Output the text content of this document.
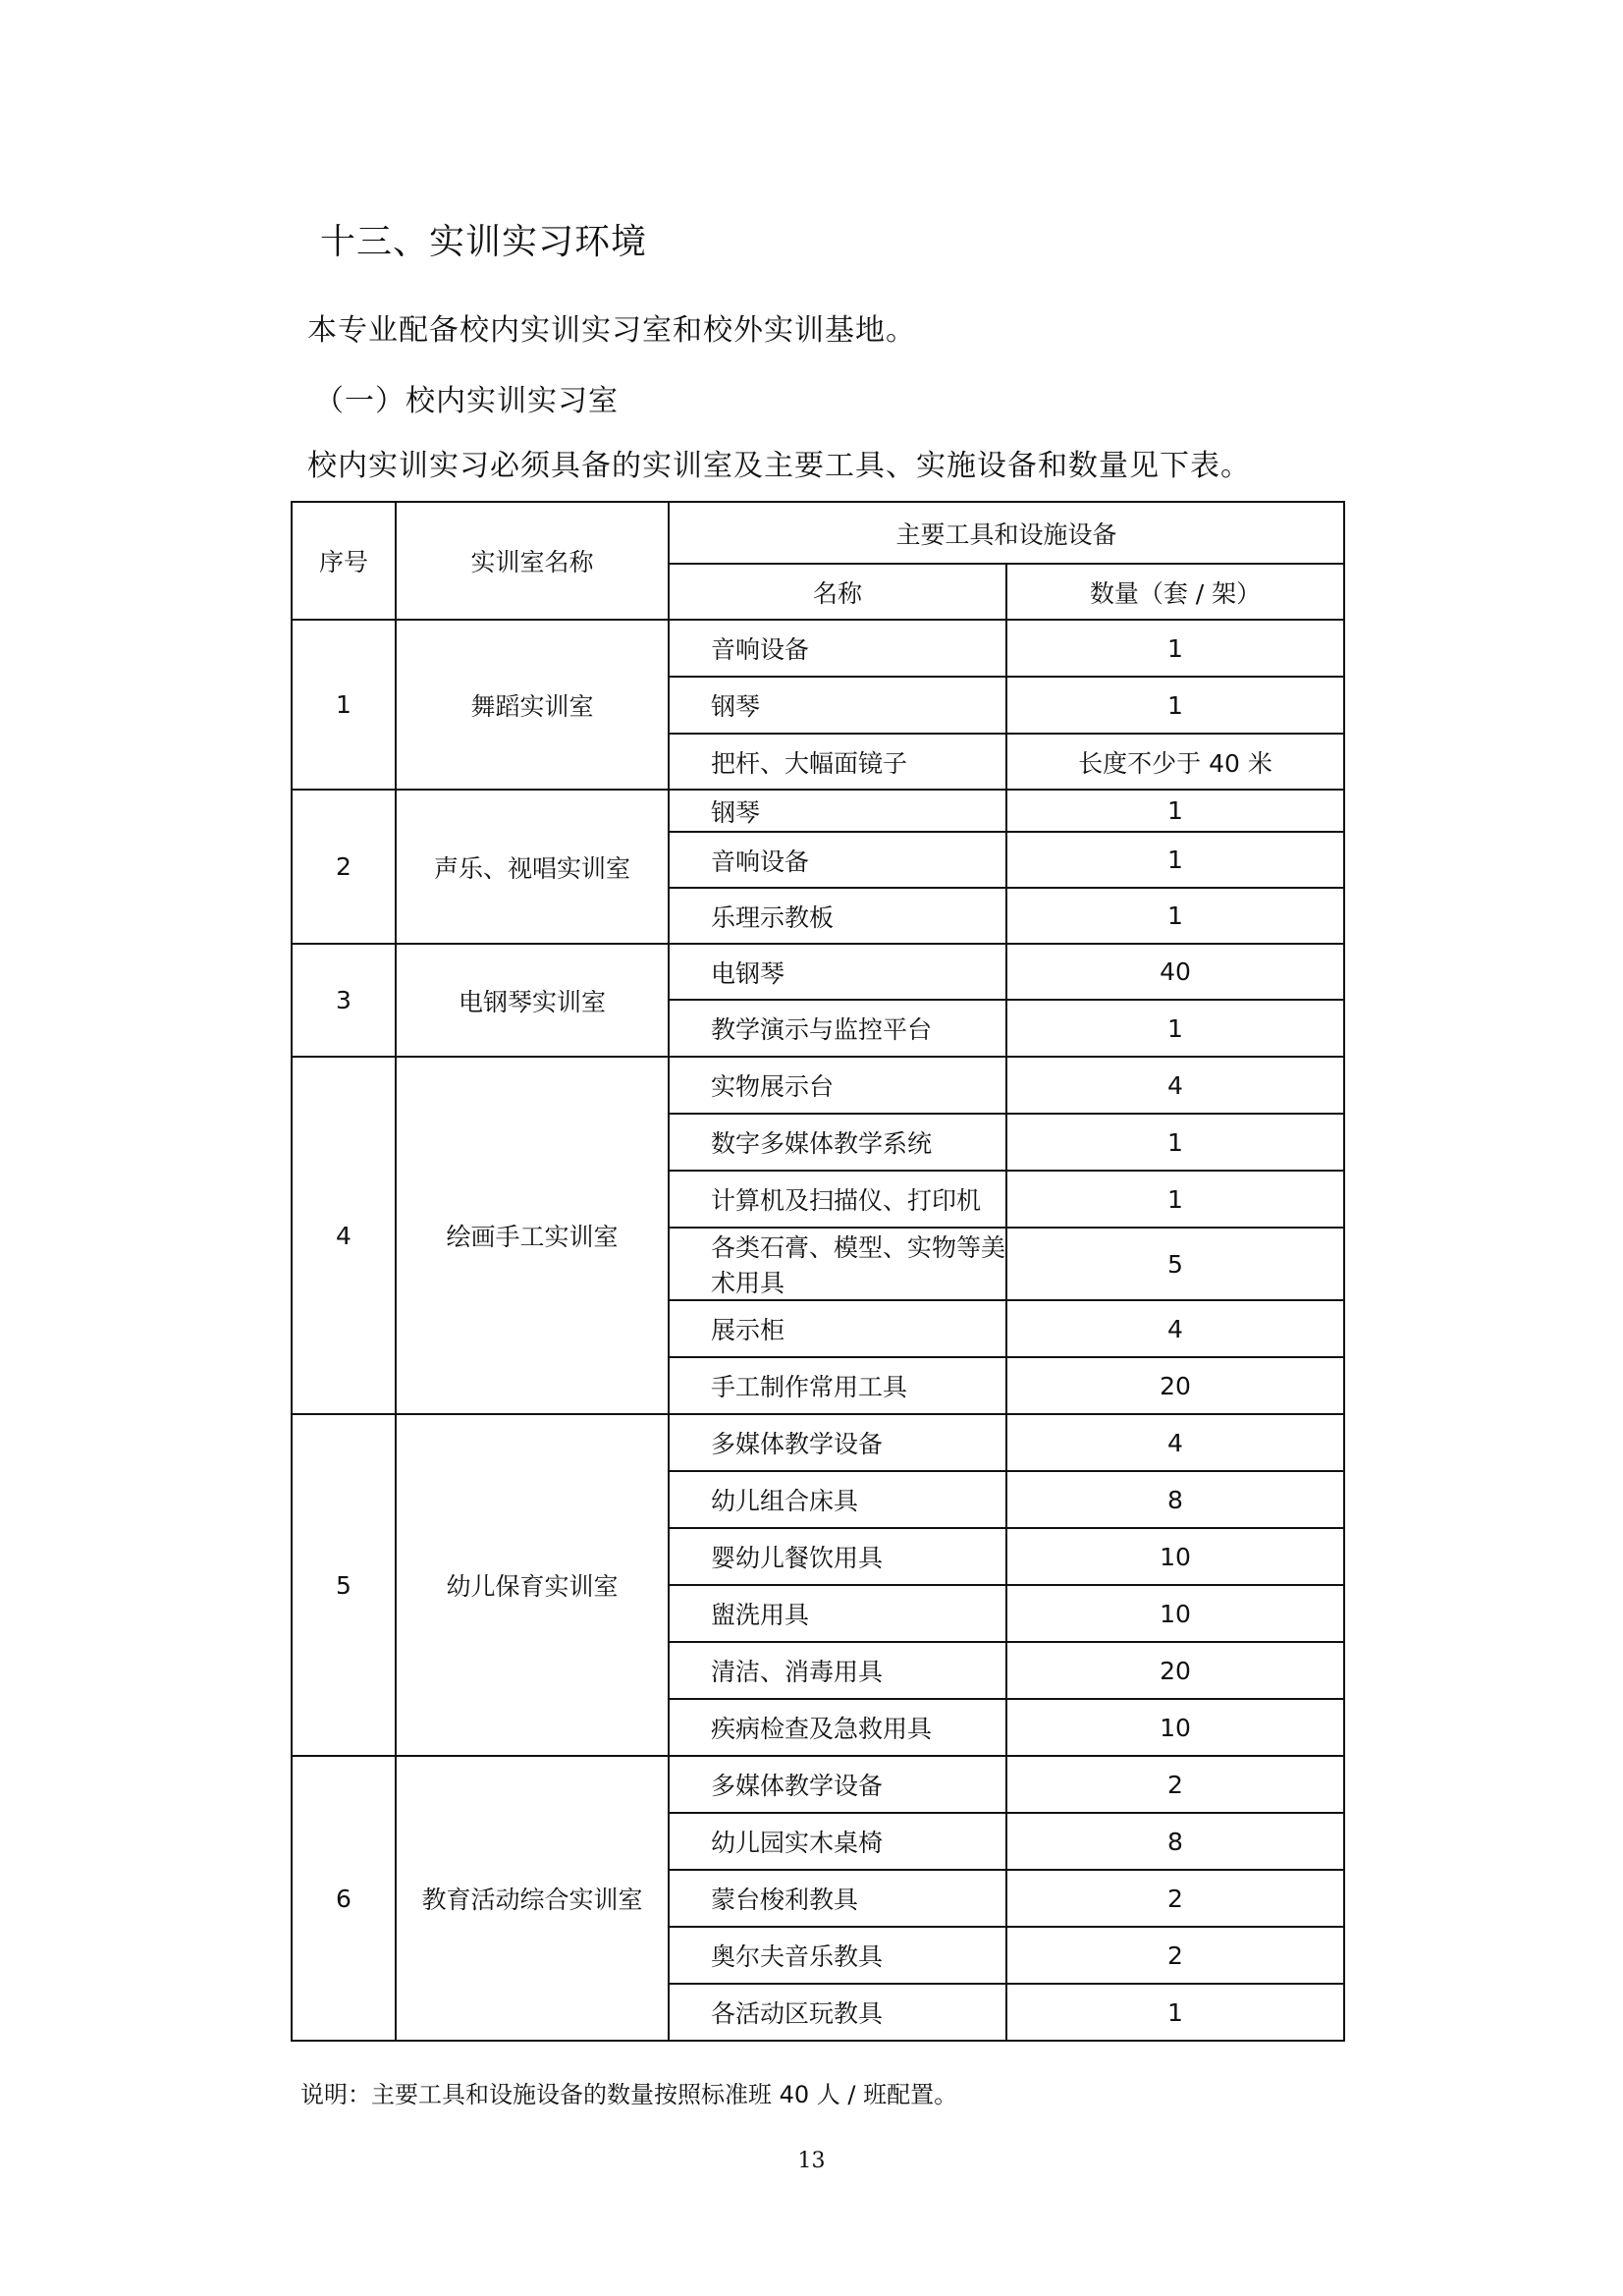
十三、实训实习环境

本专业配备校内实训实习室和校外实训基地。

（一）校内实训实习室

校内实训实习必须具备的实训室及主要工具、实施设备和数量见下表。

序号	实训室名称	主要工具和设施设备	
		名称	数量（套 / 架）
1	舞蹈实训室	音响设备	1
		钢琴	1
		把杆、大幅面镜子	长度不少于 40 米
2	声乐、视唱实训室	钢琴	1
		音响设备	1
		乐理示教板	1
3	电钢琴实训室	电钢琴	40
		教学演示与监控平台	1
4	绘画手工实训室	实物展示台	4
		数字多媒体教学系统	1
		计算机及扫描仪、打印机	1
		各类石膏、模型、实物等美术用具	5
		展示柜	4
		手工制作常用工具	20
5	幼儿保育实训室	多媒体教学设备	4
		幼儿组合床具	8
		婴幼儿餐饮用具	10
		盥洗用具	10
		清洁、消毒用具	20
		疾病检查及急救用具	10
6	教育活动综合实训室	多媒体教学设备	2
		幼儿园实木桌椅	8
		蒙台梭利教具	2
		奥尔夫音乐教具	2
		各活动区玩教具	1

说明：主要工具和设施设备的数量按照标准班 40 人 / 班配置。

13
